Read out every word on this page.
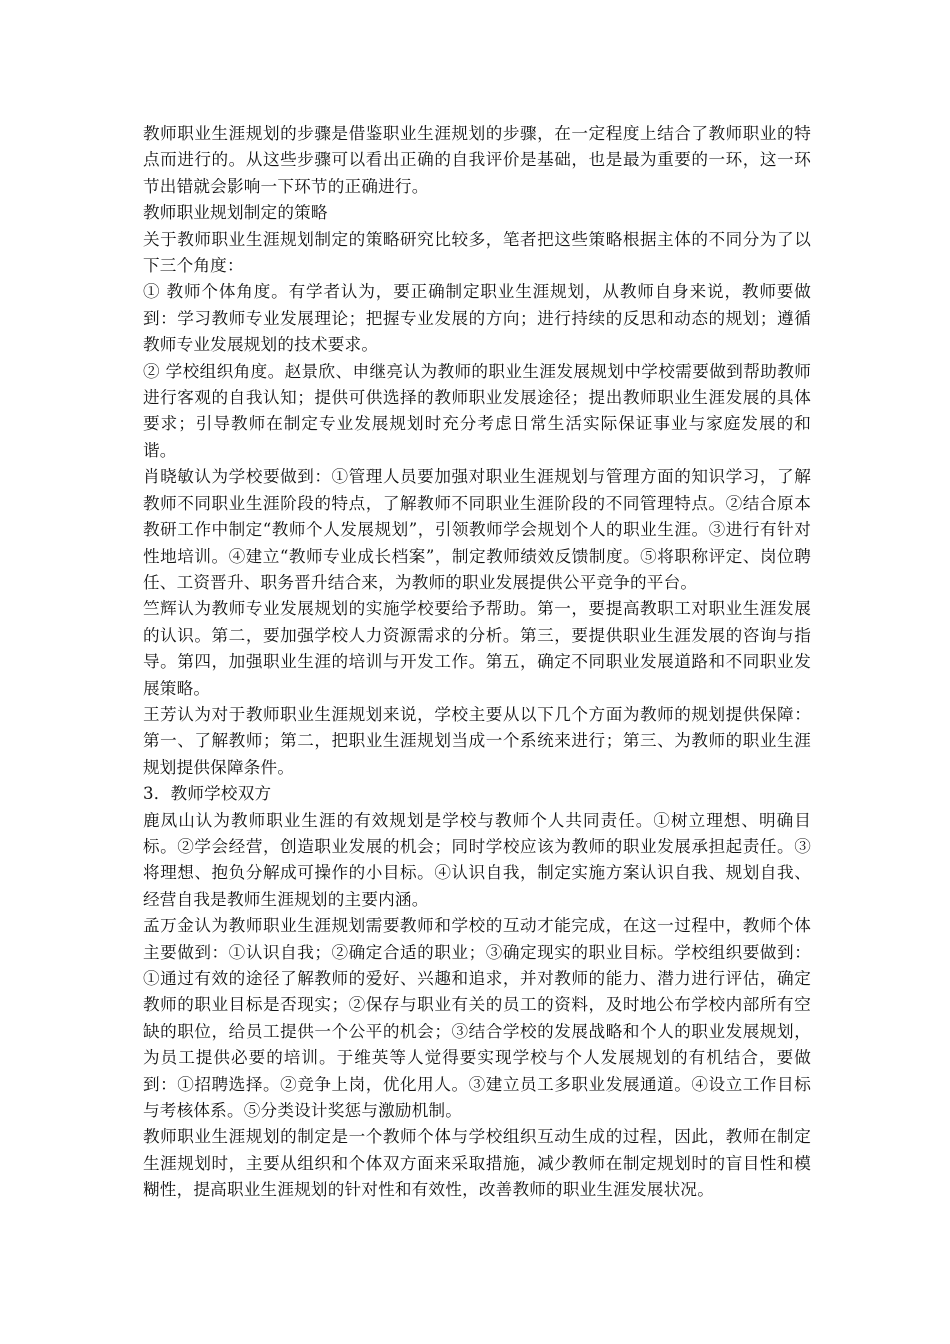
教师职业生涯规划的步骤是借鉴职业生涯规划的步骤，在一定程度上结合了教师职业的特点而进行的。从这些步骤可以看出正确的自我评价是基础，也是最为重要的一环，这一环节出错就会影响一下环节的正确进行。

教师职业规划制定的策略

关于教师职业生涯规划制定的策略研究比较多，笔者把这些策略根据主体的不同分为了以下三个角度：

① 教师个体角度。有学者认为，要正确制定职业生涯规划，从教师自身来说，教师要做到：学习教师专业发展理论；把握专业发展的方向；进行持续的反思和动态的规划；遵循教师专业发展规划的技术要求。

② 学校组织角度。赵景欣、申继亮认为教师的职业生涯发展规划中学校需要做到帮助教师进行客观的自我认知；提供可供选择的教师职业发展途径；提出教师职业生涯发展的具体要求；引导教师在制定专业发展规划时充分考虑日常生活实际保证事业与家庭发展的和谐。

肖晓敏认为学校要做到：①管理人员要加强对职业生涯规划与管理方面的知识学习，了解教师不同职业生涯阶段的特点，了解教师不同职业生涯阶段的不同管理特点。②结合原本教研工作中制定“教师个人发展规划”，引领教师学会规划个人的职业生涯。③进行有针对性地培训。④建立“教师专业成长档案”，制定教师绩效反馈制度。⑤将职称评定、岗位聘任、工资晋升、职务晋升结合来，为教师的职业发展提供公平竞争的平台。

竺辉认为教师专业发展规划的实施学校要给予帮助。第一，要提高教职工对职业生涯发展的认识。第二，要加强学校人力资源需求的分析。第三，要提供职业生涯发展的咨询与指导。第四，加强职业生涯的培训与开发工作。第五，确定不同职业发展道路和不同职业发展策略。

王芳认为对于教师职业生涯规划来说，学校主要从以下几个方面为教师的规划提供保障：第一、了解教师；第二，把职业生涯规划当成一个系统来进行；第三、为教师的职业生涯规划提供保障条件。

3．教师学校双方

鹿凤山认为教师职业生涯的有效规划是学校与教师个人共同责任。①树立理想、明确目标。②学会经营，创造职业发展的机会；同时学校应该为教师的职业发展承担起责任。③将理想、抱负分解成可操作的小目标。④认识自我，制定实施方案认识自我、规划自我、经营自我是教师生涯规划的主要内涵。

孟万金认为教师职业生涯规划需要教师和学校的互动才能完成，在这一过程中，教师个体主要做到：①认识自我；②确定合适的职业；③确定现实的职业目标。学校组织要做到：①通过有效的途径了解教师的爱好、兴趣和追求，并对教师的能力、潜力进行评估，确定教师的职业目标是否现实；②保存与职业有关的员工的资料，及时地公布学校内部所有空缺的职位，给员工提供一个公平的机会；③结合学校的发展战略和个人的职业发展规划，为员工提供必要的培训。于维英等人觉得要实现学校与个人发展规划的有机结合，要做到：①招聘选择。②竞争上岗，优化用人。③建立员工多职业发展通道。④设立工作目标与考核体系。⑤分类设计奖惩与激励机制。

教师职业生涯规划的制定是一个教师个体与学校组织互动生成的过程，因此，教师在制定生涯规划时，主要从组织和个体双方面来采取措施，减少教师在制定规划时的盲目性和模糊性，提高职业生涯规划的针对性和有效性，改善教师的职业生涯发展状况。
